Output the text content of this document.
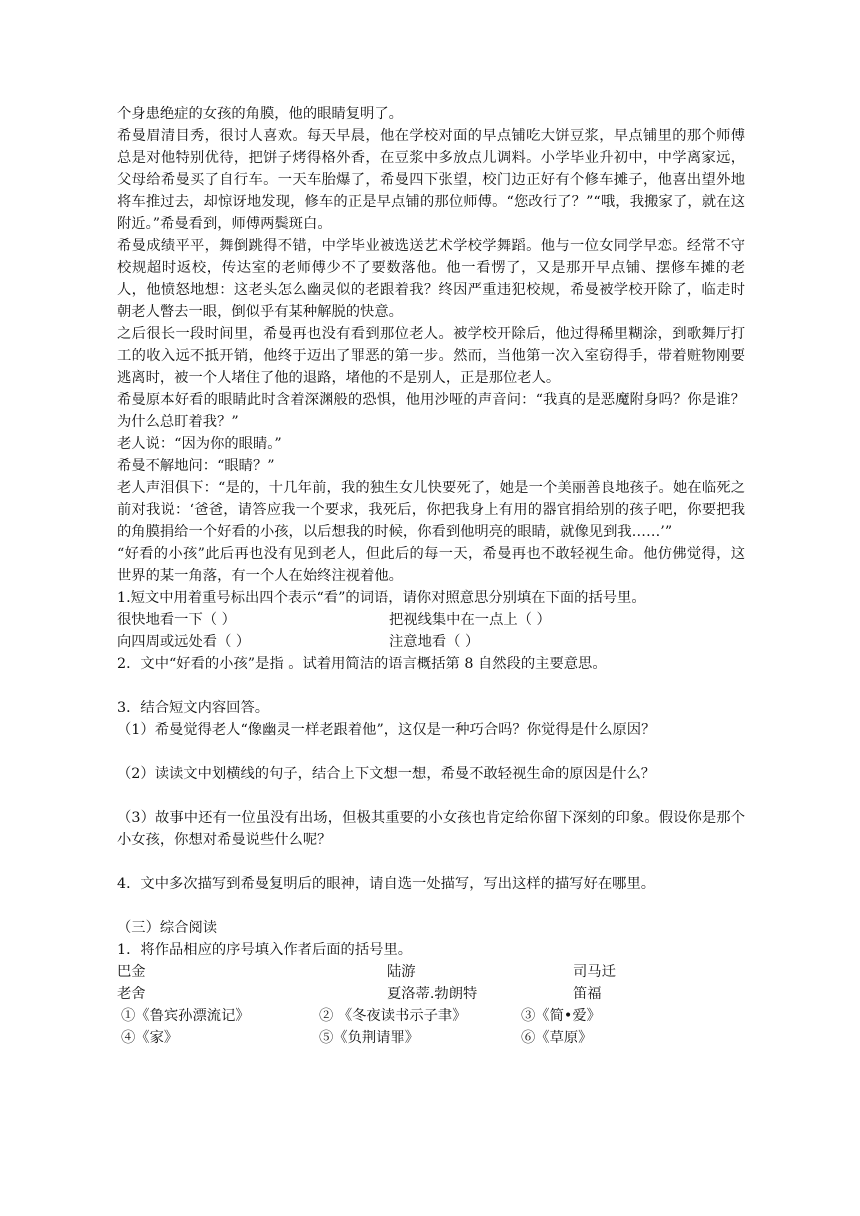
个身患绝症的女孩的角膜，他的眼睛复明了。
希曼眉清目秀，很讨人喜欢。每天早晨，他在学校对面的早点铺吃大饼豆浆，早点铺里的那个师傅总是对他特别优待，把饼子烤得格外香，在豆浆中多放点儿调料。小学毕业升初中，中学离家远，父母给希曼买了自行车。一天车胎爆了，希曼四下张望，校门边正好有个修车摊子，他喜出望外地将车推过去，却惊讶地发现，修车的正是早点铺的那位师傅。“您改行了？”“哦，我搬家了，就在这附近。”希曼看到，师傅两鬓斑白。
希曼成绩平平，舞倒跳得不错，中学毕业被选送艺术学校学舞蹈。他与一位女同学早恋。经常不守校规超时返校，传达室的老师傅少不了要数落他。他一看愣了，又是那开早点铺、摆修车摊的老人，他愤怒地想：这老头怎么幽灵似的老跟着我？终因严重违犯校规，希曼被学校开除了，临走时朝老人瞥去一眼，倒似乎有某种解脱的快意。
之后很长一段时间里，希曼再也没有看到那位老人。被学校开除后，他过得稀里糊涂，到歌舞厅打工的收入远不抵开销，他终于迈出了罪恶的第一步。然而，当他第一次入室窃得手，带着赃物刚要逃离时，被一个人堵住了他的退路，堵他的不是别人，正是那位老人。
希曼原本好看的眼睛此时含着深渊般的恐惧，他用沙哑的声音问：“我真的是恶魔附身吗？你是谁？为什么总盯着我？”
老人说：“因为你的眼睛。”
希曼不解地问：“眼睛？”
老人声泪俱下：“是的，十几年前，我的独生女儿快要死了，她是一个美丽善良地孩子。她在临死之前对我说：‘爸爸，请答应我一个要求，我死后，你把我身上有用的器官捐给别的孩子吧，你要把我的角膜捐给一个好看的小孩，以后想我的时候，你看到他明亮的眼睛，就像见到我……’”
“好看的小孩”此后再也没有见到老人，但此后的每一天，希曼再也不敢轻视生命。他仿佛觉得，这世界的某一角落，有一个人在始终注视着他。
1.短文中用着重号标出四个表示“看”的词语，请你对照意思分别填在下面的括号里。
很快地看一下（ ）	把视线集中在一点上（ ）
向四周或远处看（ ）	注意地看（ ）
2．文中“好看的小孩”是指 。试着用简洁的语言概括第 8 自然段的主要意思。
3．结合短文内容回答。
（1）希曼觉得老人“像幽灵一样老跟着他”，这仅是一种巧合吗？你觉得是什么原因？
（2）读读文中划横线的句子，结合上下文想一想，希曼不敢轻视生命的原因是什么？
（3）故事中还有一位虽没有出场，但极其重要的小女孩也肯定给你留下深刻的印象。假设你是那个小女孩，你想对希曼说些什么呢？
4．文中多次描写到希曼复明后的眼神，请自选一处描写，写出这样的描写好在哪里。
（三）综合阅读
1．将作品相应的序号填入作者后面的括号里。
巴金	陆游	司马迁
老舍	夏洛蒂.勃朗特	笛福
①《鲁宾孙漂流记》	② 《冬夜读书示子聿》	③《简•爱》
④《家》	⑤《负荆请罪》	⑥《草原》
